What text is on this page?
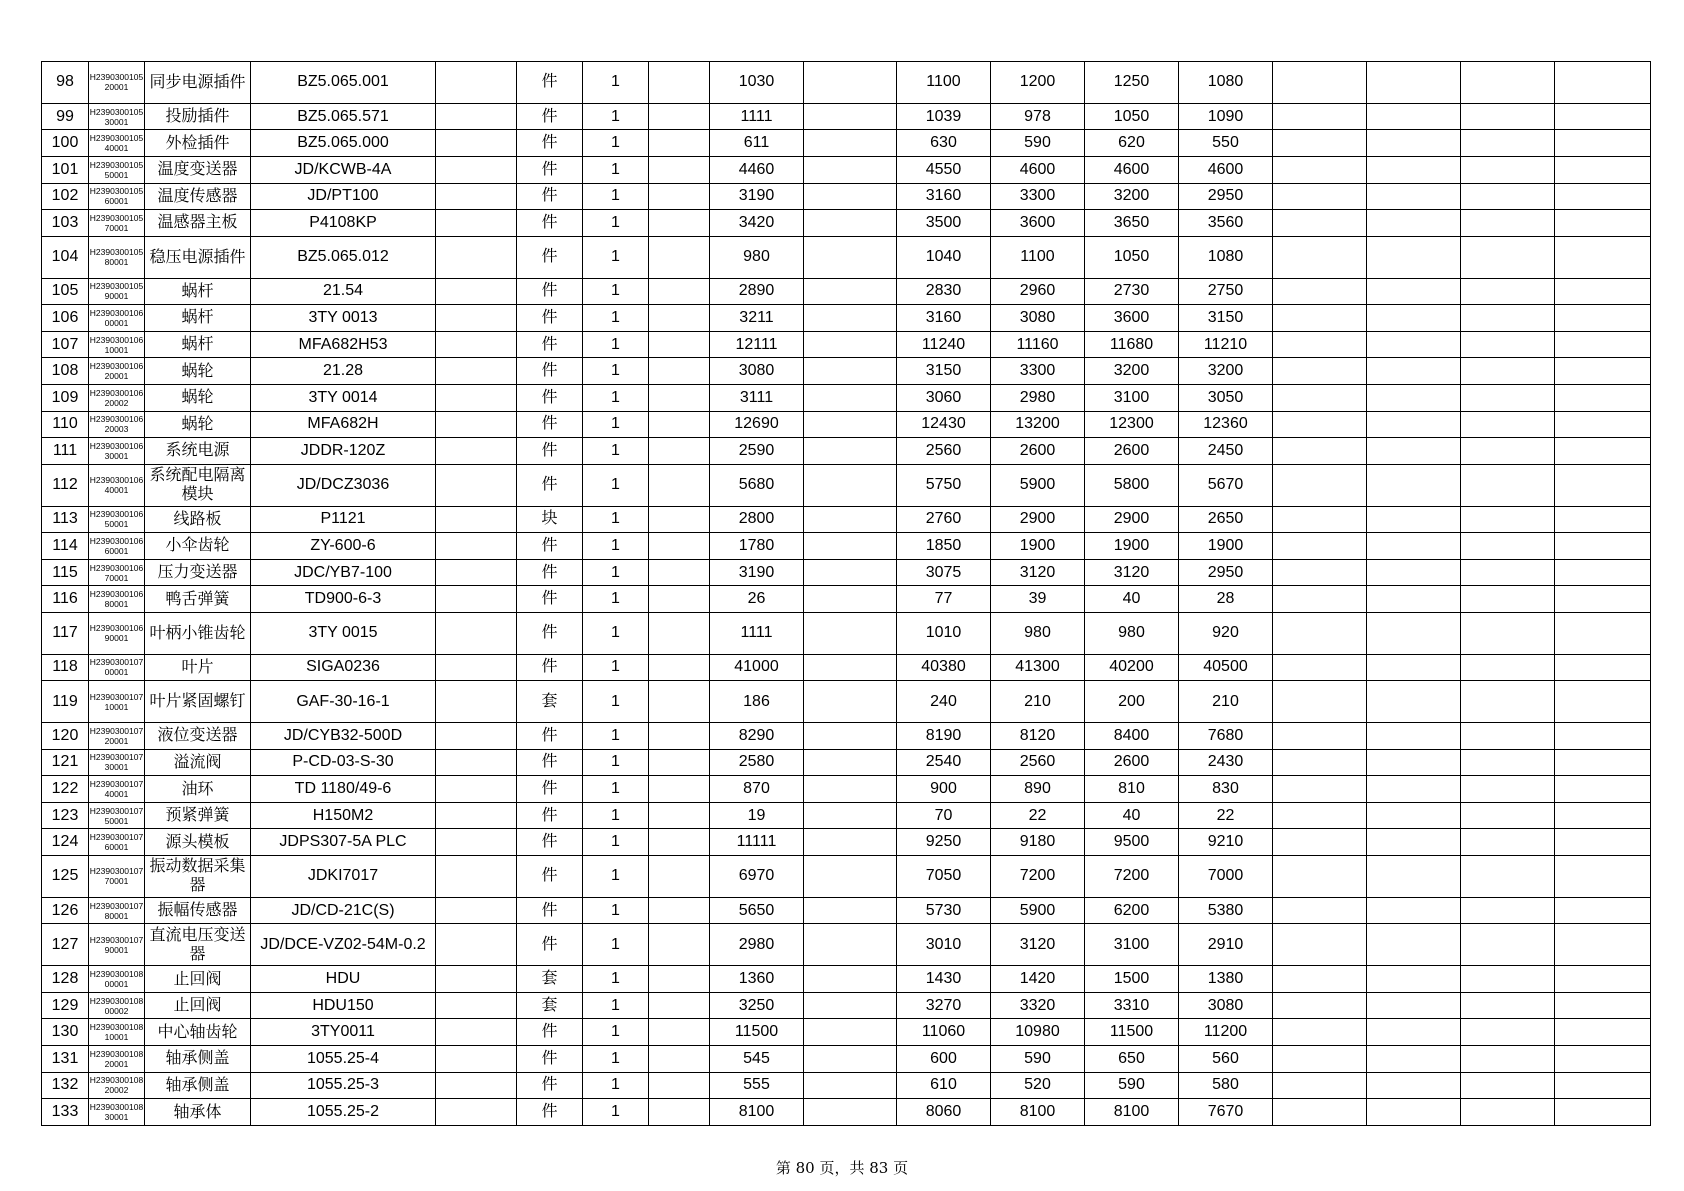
98	H239030010520001	同步电源插件	BZ5.065.001		件	1		1030		1100	1200	1250	1080				
99	H239030010530001	投励插件	BZ5.065.571		件	1		1111		1039	978	1050	1090				
100	H239030010540001	外检插件	BZ5.065.000		件	1		611		630	590	620	550				
101	H239030010550001	温度变送器	JD/KCWB-4A		件	1		4460		4550	4600	4600	4600				
102	H239030010560001	温度传感器	JD/PT100		件	1		3190		3160	3300	3200	2950				
103	H239030010570001	温感器主板	P4108KP		件	1		3420		3500	3600	3650	3560				
104	H239030010580001	稳压电源插件	BZ5.065.012		件	1		980		1040	1100	1050	1080				
105	H239030010590001	蜗杆	21.54		件	1		2890		2830	2960	2730	2750				
106	H239030010600001	蜗杆	3TY 0013		件	1		3211		3160	3080	3600	3150				
107	H239030010610001	蜗杆	MFA682H53		件	1		12111		11240	11160	11680	11210				
108	H239030010620001	蜗轮	21.28		件	1		3080		3150	3300	3200	3200				
109	H239030010620002	蜗轮	3TY 0014		件	1		3111		3060	2980	3100	3050				
110	H239030010620003	蜗轮	MFA682H		件	1		12690		12430	13200	12300	12360				
111	H239030010630001	系统电源	JDDR-120Z		件	1		2590		2560	2600	2600	2450				
112	H239030010640001	系统配电隔离模块	JD/DCZ3036		件	1		5680		5750	5900	5800	5670				
113	H239030010650001	线路板	P1121		块	1		2800		2760	2900	2900	2650				
114	H239030010660001	小伞齿轮	ZY-600-6		件	1		1780		1850	1900	1900	1900				
115	H239030010670001	压力变送器	JDC/YB7-100		件	1		3190		3075	3120	3120	2950				
116	H239030010680001	鸭舌弹簧	TD900-6-3		件	1		26		77	39	40	28				
117	H239030010690001	叶柄小锥齿轮	3TY 0015		件	1		1111		1010	980	980	920				
118	H239030010700001	叶片	SIGA0236		件	1		41000		40380	41300	40200	40500				
119	H239030010710001	叶片紧固螺钉	GAF-30-16-1		套	1		186		240	210	200	210				
120	H239030010720001	液位变送器	JD/CYB32-500D		件	1		8290		8190	8120	8400	7680				
121	H239030010730001	溢流阀	P-CD-03-S-30		件	1		2580		2540	2560	2600	2430				
122	H239030010740001	油环	TD 1180/49-6		件	1		870		900	890	810	830				
123	H239030010750001	预紧弹簧	H150M2		件	1		19		70	22	40	22				
124	H239030010760001	源头模板	JDPS307-5A PLC		件	1		11111		9250	9180	9500	9210				
125	H239030010770001	振动数据采集器	JDKI7017		件	1		6970		7050	7200	7200	7000				
126	H239030010780001	振幅传感器	JD/CD-21C(S)		件	1		5650		5730	5900	6200	5380				
127	H239030010790001	直流电压变送器	JD/DCE-VZ02-54M-0.2		件	1		2980		3010	3120	3100	2910				
128	H239030010800001	止回阀	HDU		套	1		1360		1430	1420	1500	1380				
129	H239030010800002	止回阀	HDU150		套	1		3250		3270	3320	3310	3080				
130	H239030010810001	中心轴齿轮	3TY0011		件	1		11500		11060	10980	11500	11200				
131	H239030010820001	轴承侧盖	1055.25-4		件	1		545		600	590	650	560				
132	H239030010820002	轴承侧盖	1055.25-3		件	1		555		610	520	590	580				
133	H239030010830001	轴承体	1055.25-2		件	1		8100		8060	8100	8100	7670				
第 80 页，共 83 页
